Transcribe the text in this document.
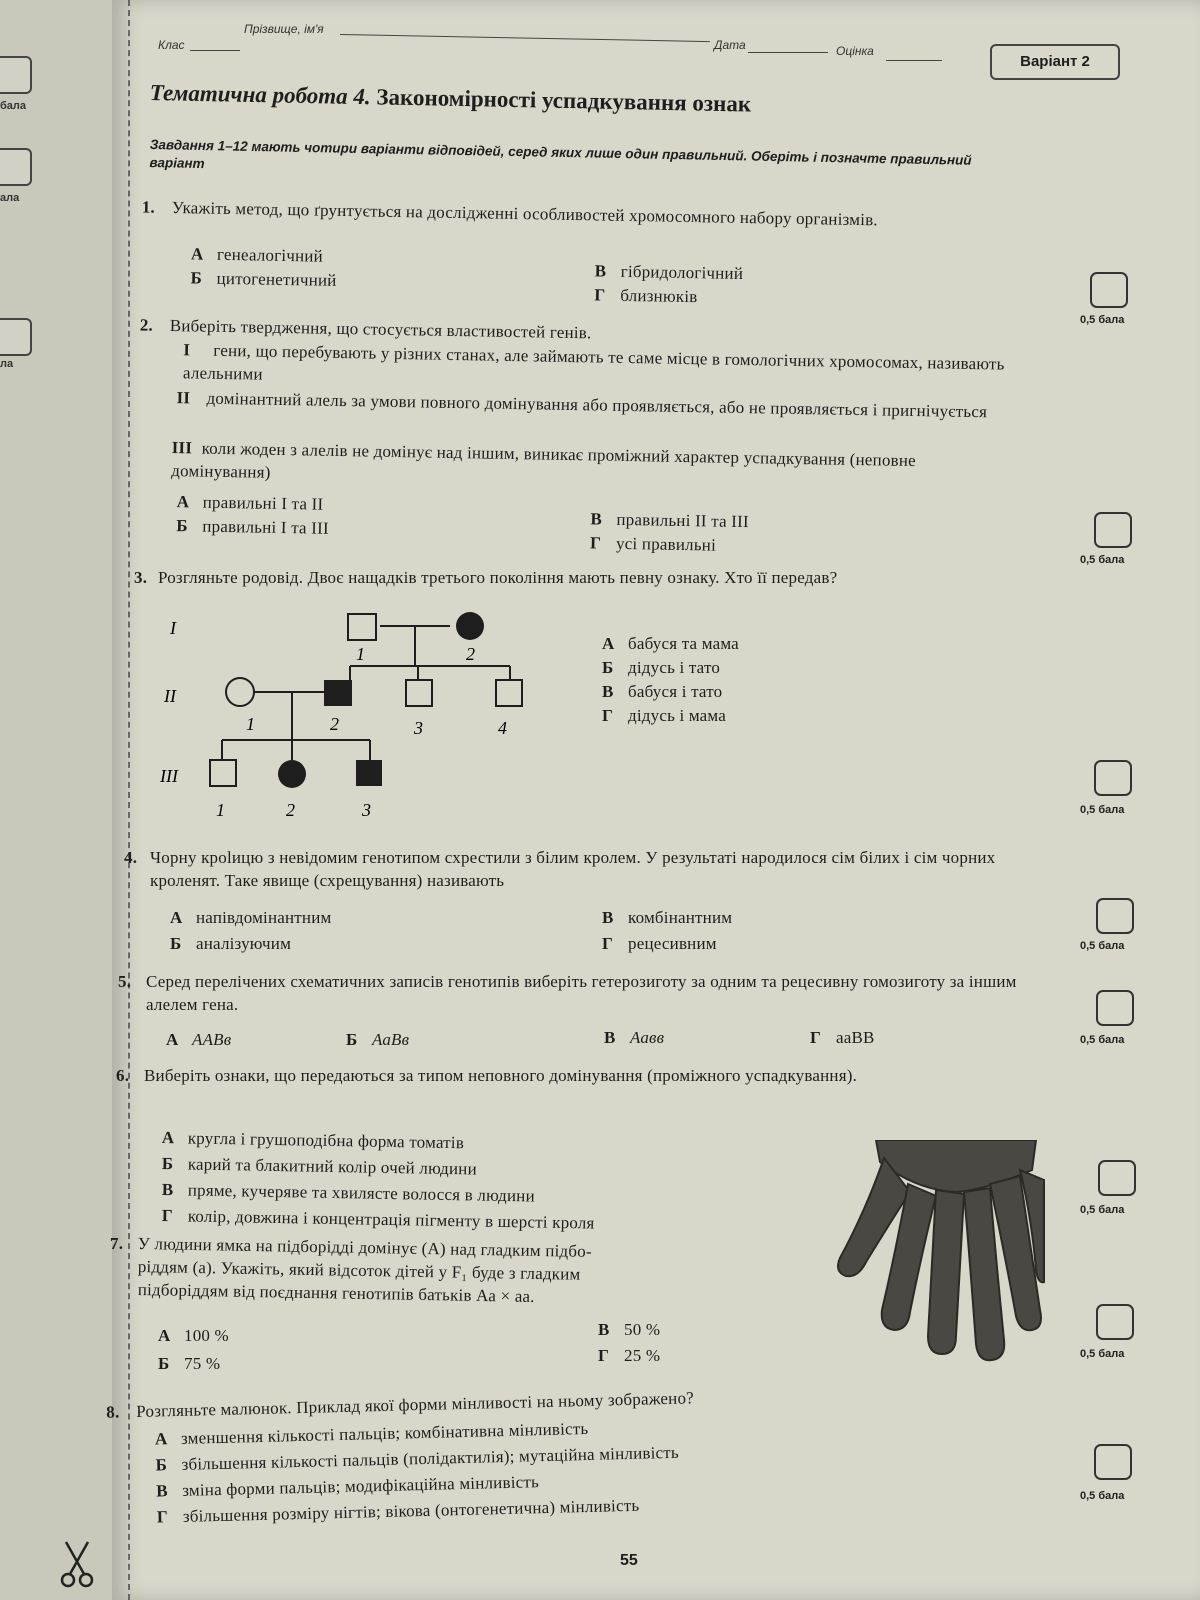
бала
ала
ла
Клас
Прізвище, ім'я
Дата	Оцінка
Варіант 2
Тематична робота 4. Закономірності успадкування ознак
Завдання 1–12 мають чотири варіанти відповідей, серед яких лише один правильний. Оберіть і позначте правильний варіант
1. Укажіть метод, що ґрунтується на дослідженні особливостей хромосомного набору організмів.
А генеалогічний
Б цитогенетичний	В гібридологічний
Г близнюків
0,5 бала
2. Виберіть твердження, що стосується властивостей генів.
I гени, що перебувають у різних станах, але займають те саме місце в гомологічних хромосомах, називають алельними
II домінантний алель за умови повного домінування або проявляється, або не проявляється і пригнічується
III коли жоден з алелів не домінує над іншим, виникає проміжний характер успадкування (неповне домінування)
А правильні I та II
Б правильні I та III	В правильні II та III
Г усі правильні
0,5 бала
3. Розгляньте родовід. Двоє нащадків третього покоління мають певну ознаку. Хто її передав?
I
II
III
1	2
1	2	3	4
1	2	3
А бабуся та мама
Б дідусь і тато
В бабуся і тато
Г дідусь і мама
0,5 бала
4. Чорну крolицю з невідомим генотипом схрестили з білим кролем. У результаті народилося сім білих і сім чорних кроленят. Таке явище (схрещування) називають
А напівдомінантним
Б аналізуючим
В комбінантним
Г рецесивним	0,5 бала
5. Серед перелічених схематичних записів генотипів виберіть гетерозиготу за одним та рецесивну гомозиготу за іншим алелем гена.
А ААВв	Б АаВв	В Аавв	Г ааВВ	0,5 бала
6. Виберіть ознаки, що передаються за типом неповного домінування (проміжного успадкування).
А кругла і грушоподібна форма томатів
Б карий та блакитний колір очей людини
В пряме, кучеряве та хвилясте волосся в людини
Г колір, довжина і концентрація пігменту в шерсті кроля	0,5 бала
7. У людини ямка на підборідді домінує (А) над гладким підбо-
ріддям (а). Укажіть, який відсоток дітей у F₁ буде з гладким
підборіддям від поєднання генотипів батьків Аа × аа.
А 100 %
Б 75 %
В 50 %
Г 25 %	0,5 бала
8. Розгляньте малюнок. Приклад якої форми мінливості на ньому зображено?
А зменшення кількості пальців; комбінативна мінливість
Б збільшення кількості пальців (полідактилія); мутаційна мінливість
В зміна форми пальців; модифікаційна мінливість
Г збільшення розміру нігтів; вікова (онтогенетична) мінливість	0,5 бала
55
